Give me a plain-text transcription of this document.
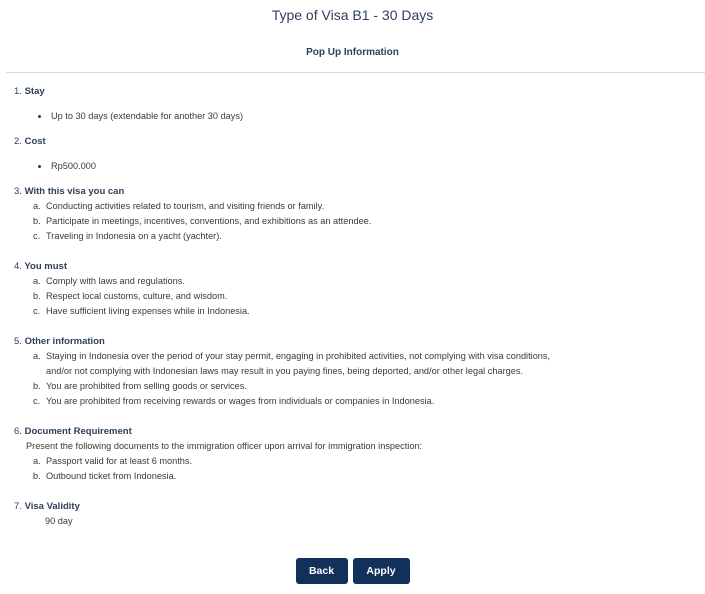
Type of Visa B1 - 30 Days
Pop Up Information
1. Stay
Up to 30 days (extendable for another 30 days)
2. Cost
Rp500.000
3. With this visa you can
a. Conducting activities related to tourism, and visiting friends or family.
b. Participate in meetings, incentives, conventions, and exhibitions as an attendee.
c. Traveling in Indonesia on a yacht (yachter).
4. You must
a. Comply with laws and regulations.
b. Respect local customs, culture, and wisdom.
c. Have sufficient living expenses while in Indonesia.
5. Other information
a. Staying in Indonesia over the period of your stay permit, engaging in prohibited activities, not complying with visa conditions,
and/or not complying with Indonesian laws may result in you paying fines, being deported, and/or other legal charges.
b. You are prohibited from selling goods or services.
c. You are prohibited from receiving rewards or wages from individuals or companies in Indonesia.
6. Document Requirement
Present the following documents to the immigration officer upon arrival for immigration inspection:
a. Passport valid for at least 6 months.
b. Outbound ticket from Indonesia.
7. Visa Validity
90 day
Back	Apply
